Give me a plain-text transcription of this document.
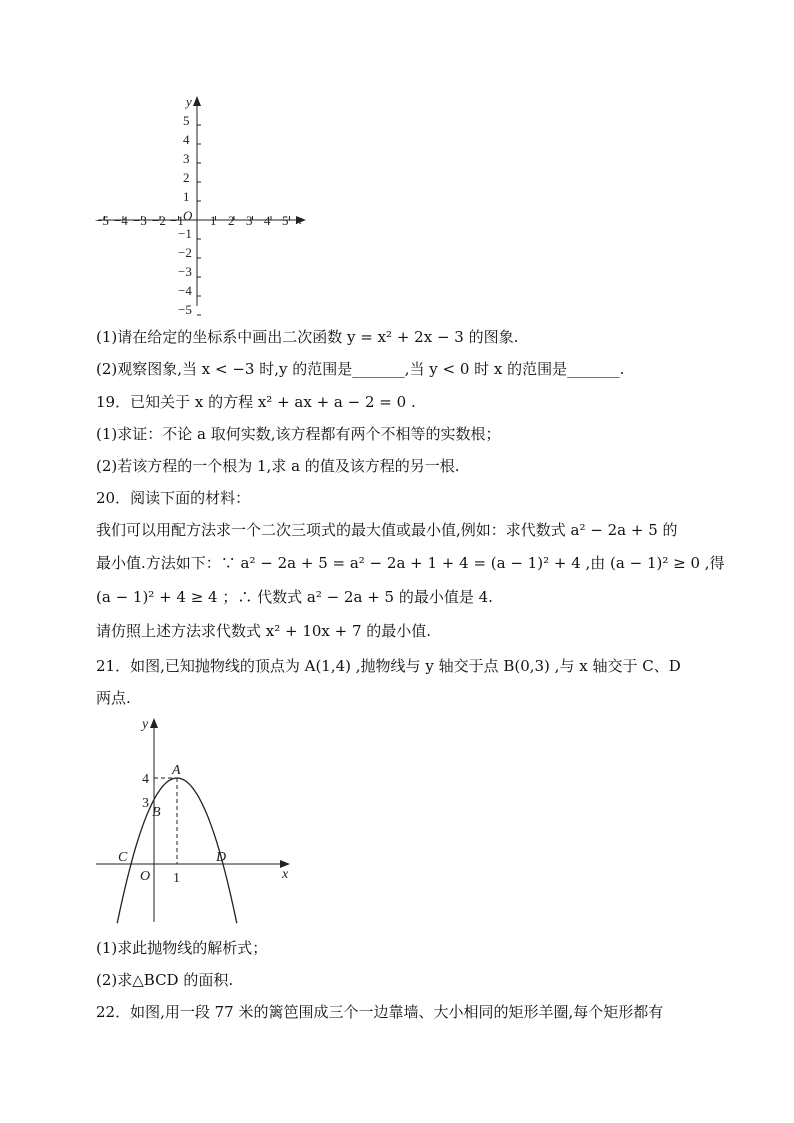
y
x
O
5
4
3
2
1
−1
−2
−3
−4
−5
−5 −4 −3 −2 −1 1 2 3 4 5
(1)请在给定的坐标系中画出二次函数 y = x² + 2x − 3 的图象.
(2)观察图象,当 x < −3 时,y 的范围是_______,当 y < 0 时 x 的范围是_______.
19．已知关于 x 的方程 x² + ax + a − 2 = 0 .
(1)求证：不论 a 取何实数,该方程都有两个不相等的实数根；
(2)若该方程的一个根为 1,求 a 的值及该方程的另一根.
20．阅读下面的材料：
我们可以用配方法求一个二次三项式的最大值或最小值,例如：求代数式 a² − 2a + 5 的
最小值.方法如下：∵ a² − 2a + 5 = a² − 2a + 1 + 4 = (a − 1)² + 4 ,由 (a − 1)² ≥ 0 ,得
(a − 1)² + 4 ≥ 4 ；∴ 代数式 a² − 2a + 5 的最小值是 4.
请仿照上述方法求代数式 x² + 10x + 7 的最小值.
21．如图,已知抛物线的顶点为 A(1,4) ,抛物线与 y 轴交于点 B(0,3) ,与 x 轴交于 C、D
两点.
y
x
4
3
1
A
B
C	D
O
(1)求此抛物线的解析式；
(2)求△BCD 的面积.
22．如图,用一段 77 米的篱笆围成三个一边靠墙、大小相同的矩形羊圈,每个矩形都有
